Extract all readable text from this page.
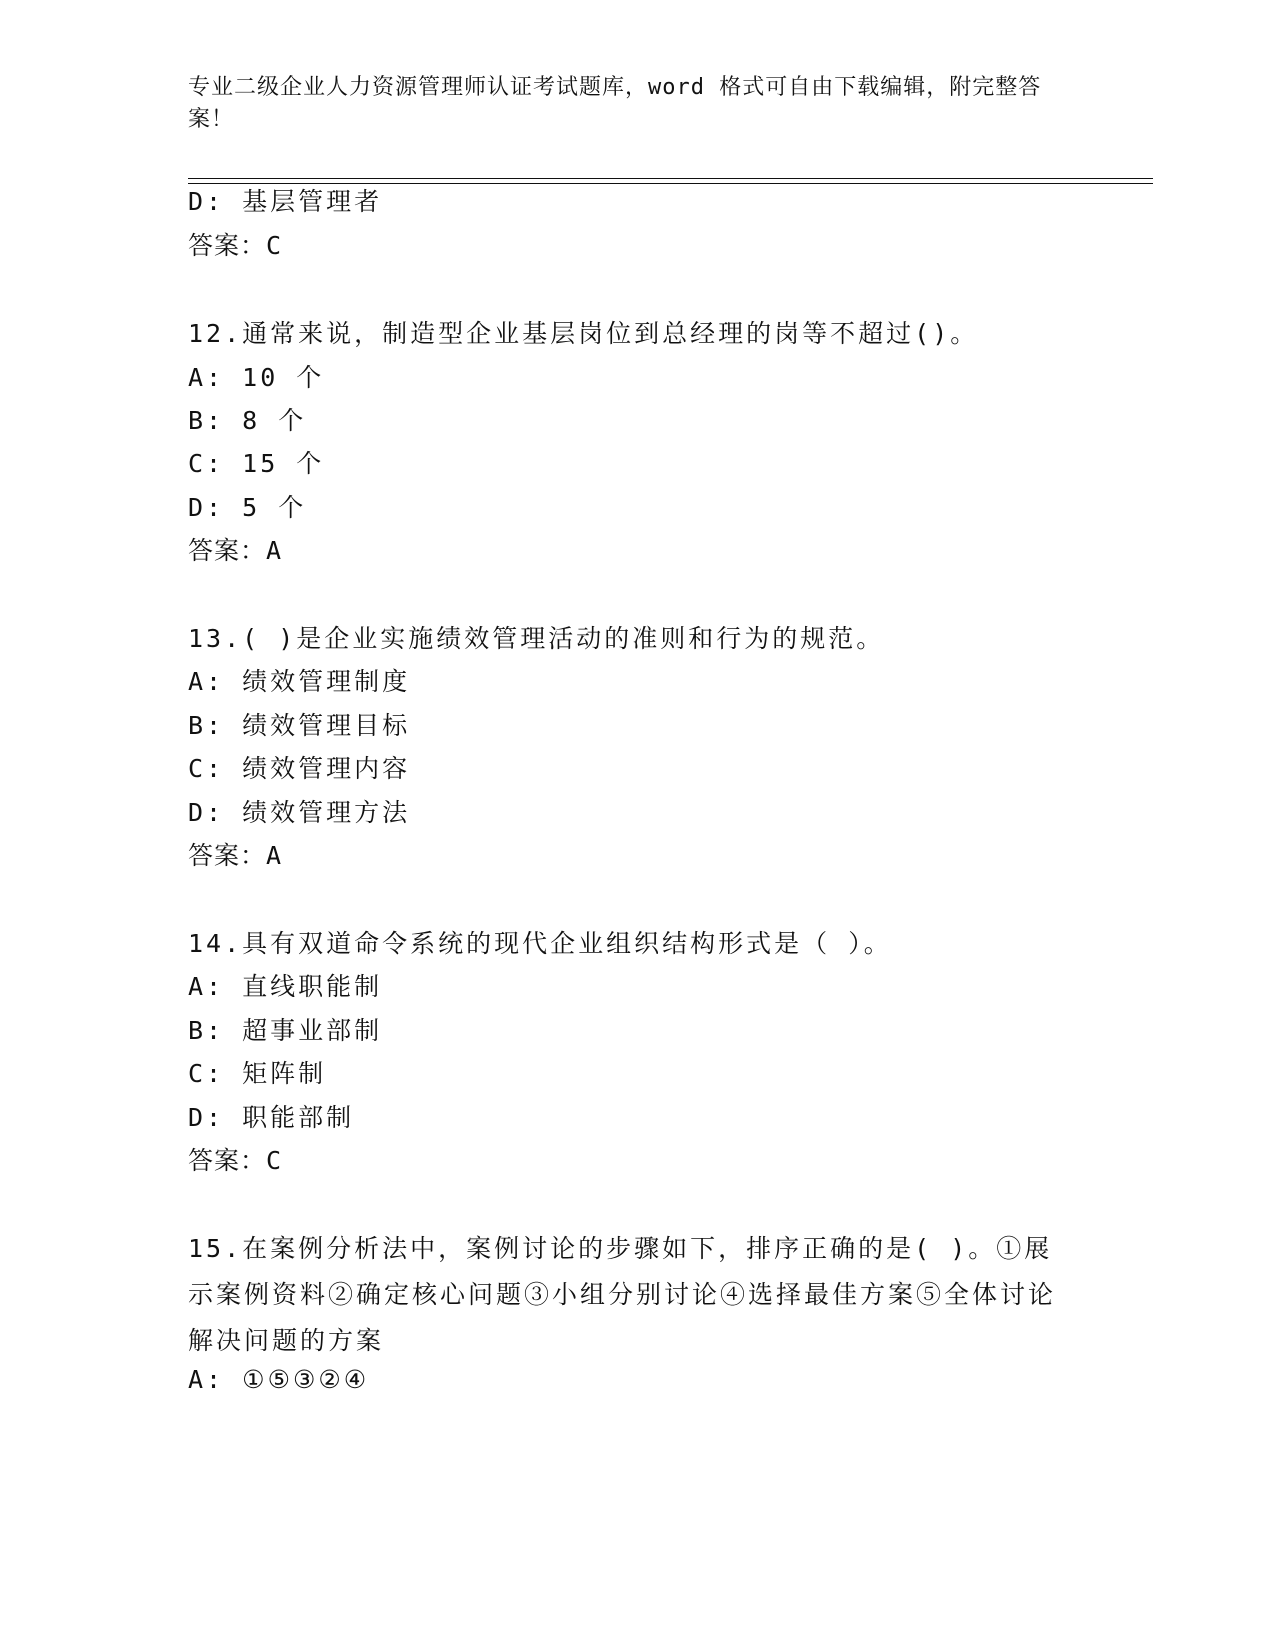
专业二级企业人力资源管理师认证考试题库，word 格式可自由下载编辑，附完整答案！
D: 基层管理者
答案：C
12.通常来说，制造型企业基层岗位到总经理的岗等不超过()。
A: 10 个
B: 8 个
C: 15 个
D: 5 个
答案：A
13.( )是企业实施绩效管理活动的准则和行为的规范。
A: 绩效管理制度
B: 绩效管理目标
C: 绩效管理内容
D: 绩效管理方法
答案：A
14.具有双道命令系统的现代企业组织结构形式是（ ）。
A: 直线职能制
B: 超事业部制
C: 矩阵制
D: 职能部制
答案：C
15.在案例分析法中，案例讨论的步骤如下，排序正确的是( )。①展示案例资料②确定核心问题③小组分别讨论④选择最佳方案⑤全体讨论解决问题的方案
A: ①⑤③②④
